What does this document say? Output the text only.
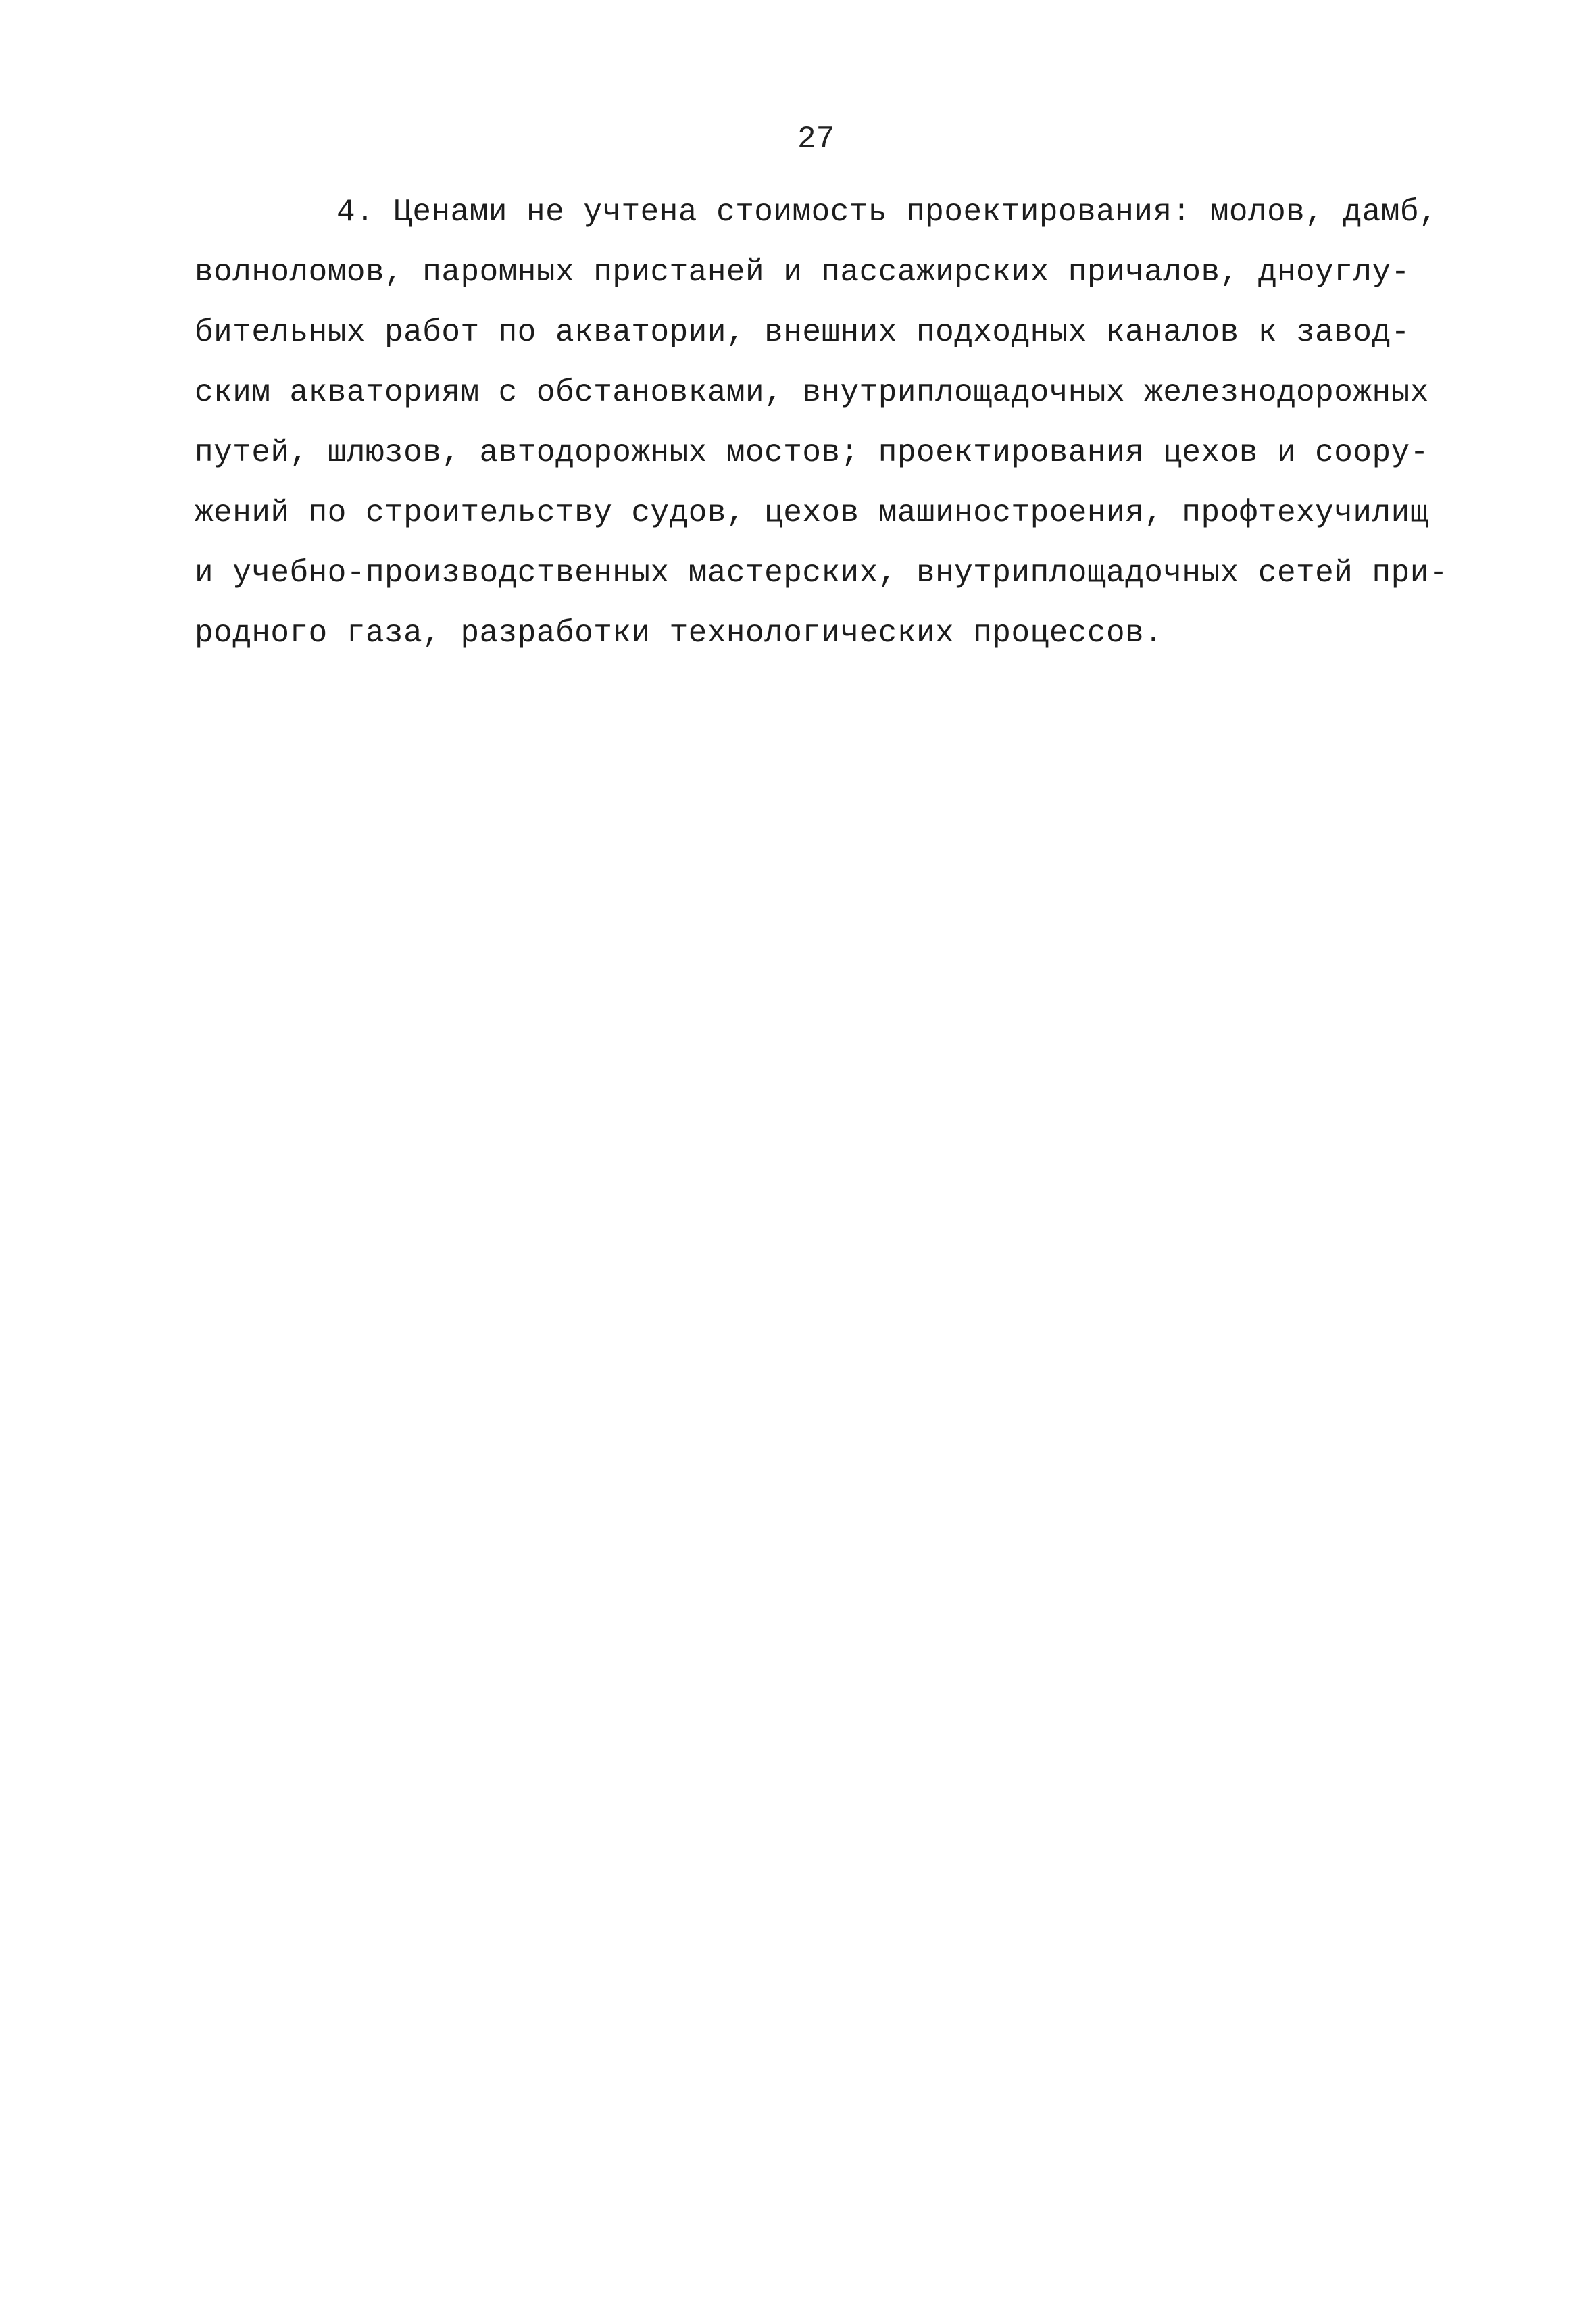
27
4. Ценами не учтена стоимость проектирования: молов, дамб,
волноломов, паромных пристаней и пассажирских причалов, дноуглу-
бительных работ по акватории, внешних подходных каналов к завод-
ским акваториям с обстановками, внутриплощадочных железнодорожных
путей, шлюзов, автодорожных мостов; проектирования цехов и соору-
жений по строительству судов, цехов машиностроения, профтехучилищ
и учебно-производственных мастерских, внутриплощадочных сетей при-
родного газа, разработки технологических процессов.
